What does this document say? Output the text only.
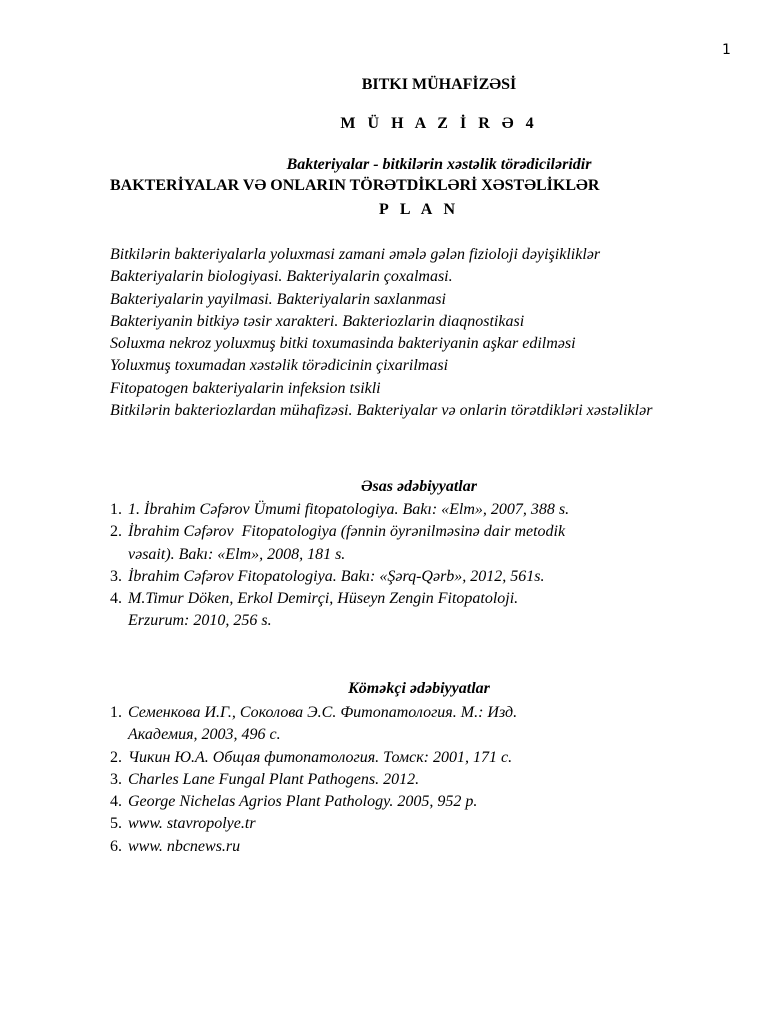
1
BITKI MÜHAFİZƏSİ
M Ü H A Z İ R Ə 4
Bakteriyalar - bitkilərin xəstəlik törədiciləridir
BAKTERİYALAR VƏ ONLARIN TÖRƏTDİKLƏRİ XƏSTƏLİKLƏR
P L A N
Bitkilərin bakteriyalarla yoluxmasi zamani əmələ gələn fizioloji dəyişikliklər
Bakteriyalarin biologiyasi. Bakteriyalarin çoxalmasi.
Bakteriyalarin yayilmasi. Bakteriyalarin saxlanmasi
Bakteriyanin bitkiyə təsir xarakteri. Bakteriozlarin diaqnostikasi
Soluxma nekroz yoluxmuş bitki toxumasinda bakteriyanin aşkar edilməsi
Yoluxmuş toxumadan xəstəlik törədicinin çixarilmasi
Fitopatogen bakteriyalarin infeksion tsikli
Bitkilərin bakteriozlardan mühafizəsi. Bakteriyalar və onlarin törətdikləri xəstəliklər
Əsas ədəbiyyatlar
1. 1. İbrahim Cəfərov Ümumi fitopatologiya. Bakı: «Elm», 2007, 388 s.
2. İbrahim Cəfərov  Fitopatologiya (fənnin öyrənilməsinə dair metodik
vəsait). Bakı: «Elm», 2008, 181 s.
3. İbrahim Cəfərov Fitopatologiya. Bakı: «Şərq-Qərb», 2012, 561s.
4. M.Timur Döken, Erkol Demirçi, Hüseyn Zengin Fitopatoloji.
Erzurum: 2010, 256 s.
Köməkçi ədəbiyyatlar
1. Семенкова И.Г., Соколова Э.С. Фитопатология. М.: Изд.
Академия, 2003, 496 с.
2. Чикин Ю.А. Общая фитопатология. Томск: 2001, 171 с.
3. Charles Lane Fungal Plant Pathogens. 2012.
4. George Nichelas Agrios Plant Pathology. 2005, 952 p.
5. www. stavropolye.tr
6. www. nbcnews.ru
